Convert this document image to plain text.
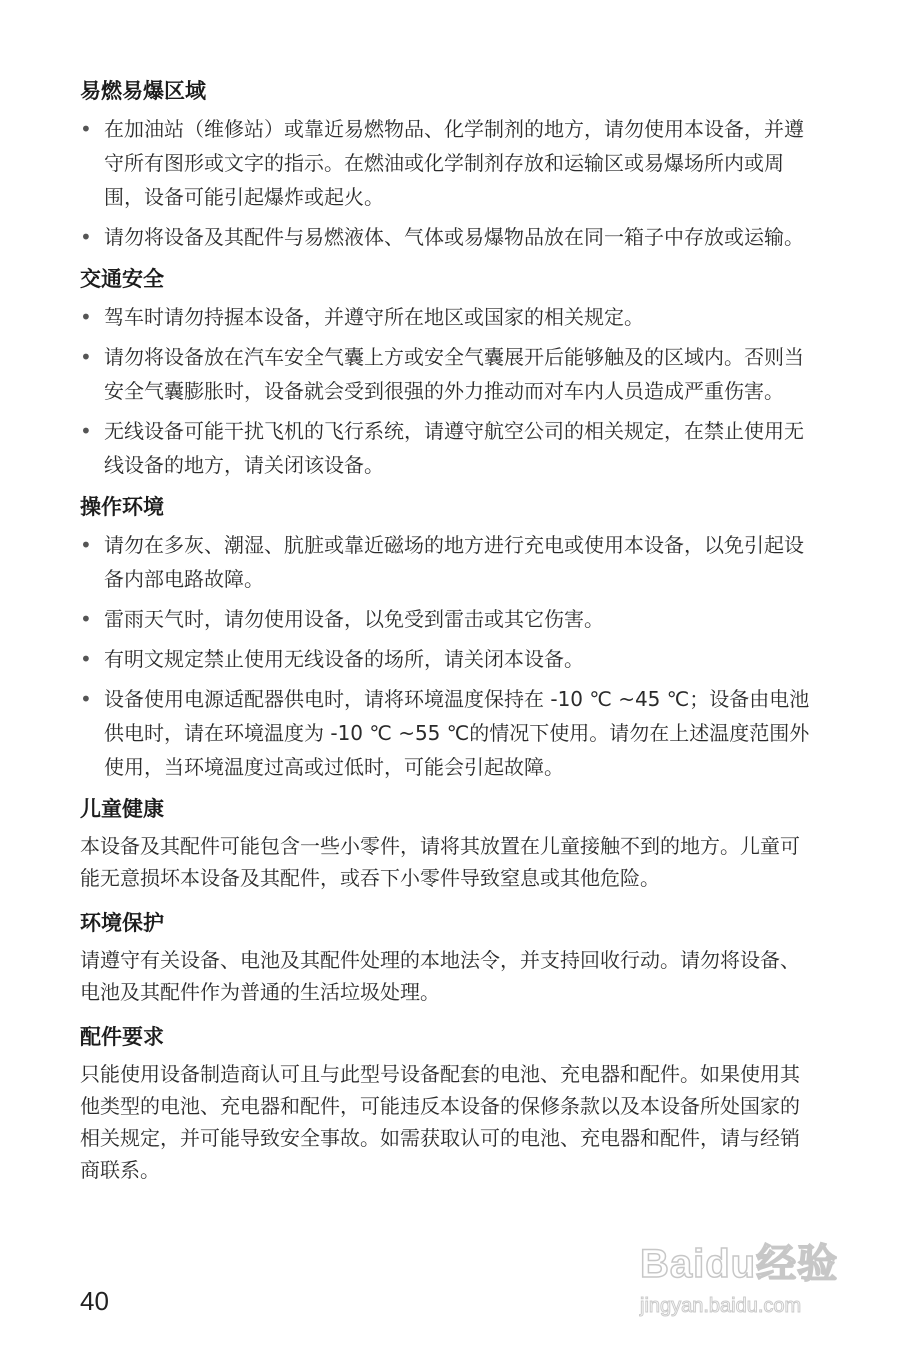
易燃易爆区域
• 在加油站（维修站）或靠近易燃物品、化学制剂的地方，请勿使用本设备，并遵守所有图形或文字的指示。在燃油或化学制剂存放和运输区或易爆场所内或周围，设备可能引起爆炸或起火。
• 请勿将设备及其配件与易燃液体、气体或易爆物品放在同一箱子中存放或运输。
交通安全
• 驾车时请勿持握本设备，并遵守所在地区或国家的相关规定。
• 请勿将设备放在汽车安全气囊上方或安全气囊展开后能够触及的区域内。否则当安全气囊膨胀时，设备就会受到很强的外力推动而对车内人员造成严重伤害。
• 无线设备可能干扰飞机的飞行系统，请遵守航空公司的相关规定，在禁止使用无线设备的地方，请关闭该设备。
操作环境
• 请勿在多灰、潮湿、肮脏或靠近磁场的地方进行充电或使用本设备，以免引起设备内部电路故障。
• 雷雨天气时，请勿使用设备，以免受到雷击或其它伤害。
• 有明文规定禁止使用无线设备的场所，请关闭本设备。
• 设备使用电源适配器供电时，请将环境温度保持在 -10 ℃ ~45 ℃；设备由电池供电时，请在环境温度为 -10 ℃ ~55 ℃的情况下使用。请勿在上述温度范围外使用，当环境温度过高或过低时，可能会引起故障。
儿童健康

本设备及其配件可能包含一些小零件，请将其放置在儿童接触不到的地方。儿童可能无意损坏本设备及其配件，或吞下小零件导致窒息或其他危险。

环境保护

请遵守有关设备、电池及其配件处理的本地法令，并支持回收行动。请勿将设备、电池及其配件作为普通的生活垃圾处理。

配件要求

只能使用设备制造商认可且与此型号设备配套的电池、充电器和配件。如果使用其他类型的电池、充电器和配件，可能违反本设备的保修条款以及本设备所处国家的相关规定，并可能导致安全事故。如需获取认可的电池、充电器和配件，请与经销商联系。

40
Baidu经验
jingyan.baidu.com
